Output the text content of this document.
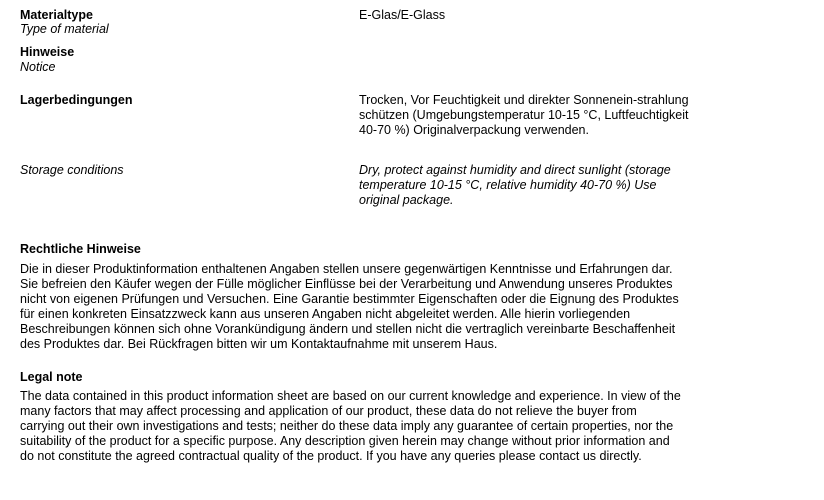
Materialtype
Type of material
E-Glas/E-Glass
Hinweise
Notice
Lagerbedingungen	Trocken, Vor Feuchtigkeit und direkter Sonnenein-strahlung
schützen (Umgebungstemperatur 10-15 °C, Luftfeuchtigkeit
40-70 %) Originalverpackung verwenden.
Storage conditions	Dry, protect against humidity and direct sunlight (storage
temperature 10-15 °C, relative humidity 40-70 %) Use
original package.
Rechtliche Hinweise
Die in dieser Produktinformation enthaltenen Angaben stellen unsere gegenwärtigen Kenntnisse und Erfahrungen dar.
Sie befreien den Käufer wegen der Fülle möglicher Einflüsse bei der Verarbeitung und Anwendung unseres Produktes
nicht von eigenen Prüfungen und Versuchen. Eine Garantie bestimmter Eigenschaften oder die Eignung des Produktes
für einen konkreten Einsatzzweck kann aus unseren Angaben nicht abgeleitet werden. Alle hierin vorliegenden
Beschreibungen können sich ohne Vorankündigung ändern und stellen nicht die vertraglich vereinbarte Beschaffenheit
des Produktes dar. Bei Rückfragen bitten wir um Kontaktaufnahme mit unserem Haus.
Legal note
The data contained in this product information sheet are based on our current knowledge and experience. In view of the
many factors that may affect processing and application of our product, these data do not relieve the buyer from
carrying out their own investigations and tests; neither do these data imply any guarantee of certain properties, nor the
suitability of the product for a specific purpose. Any description given herein may change without prior information and
do not constitute the agreed contractual quality of the product. If you have any queries please contact us directly.
